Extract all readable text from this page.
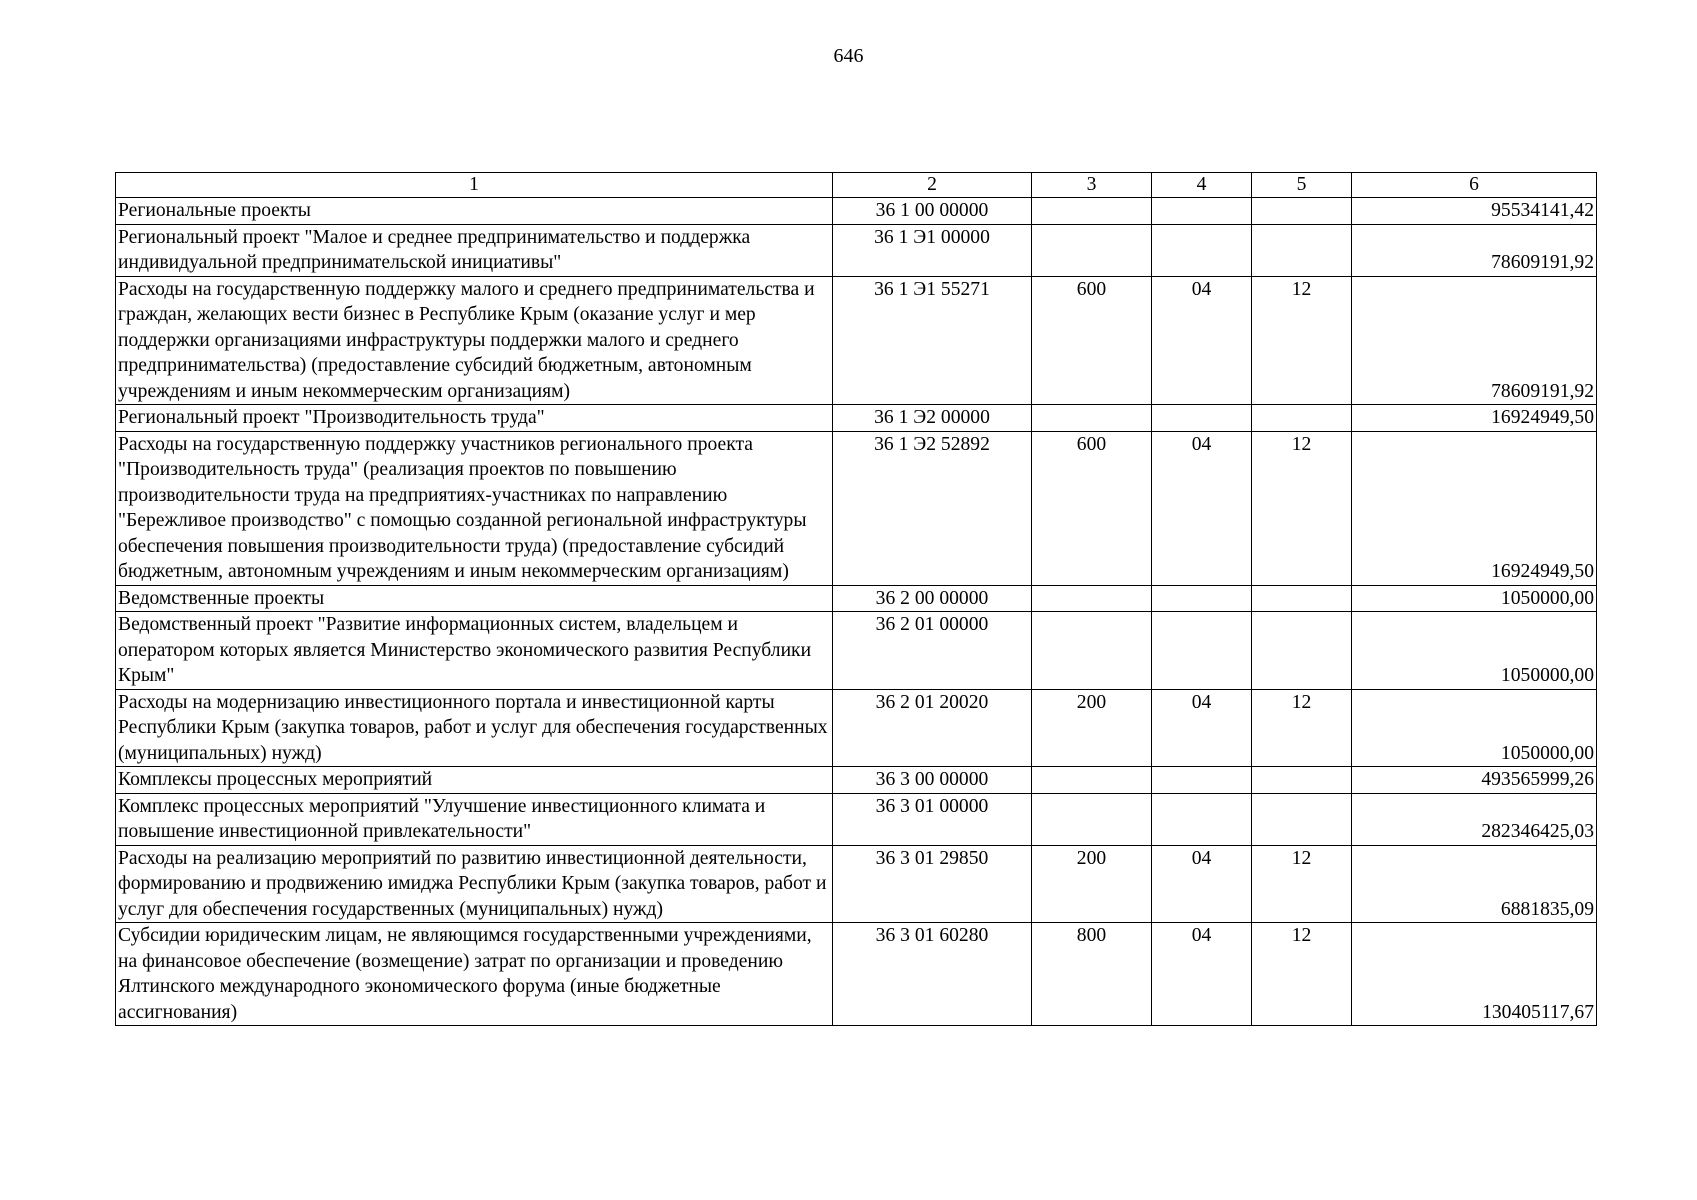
646
1	2	3	4	5	6
Региональные проекты	36 1 00 00000				95534141,42
Региональный проект "Малое и среднее предпринимательство и поддержка индивидуальной предпринимательской инициативы"	36 1 Э1 00000				78609191,92
Расходы на государственную поддержку малого и среднего предпринимательства и граждан, желающих вести бизнес в Республике Крым (оказание услуг и мер поддержки организациями инфраструктуры поддержки малого и среднего предпринимательства) (предоставление субсидий бюджетным, автономным учреждениям и иным некоммерческим организациям)	36 1 Э1 55271	600	04	12	78609191,92
Региональный проект "Производительность труда"	36 1 Э2 00000				16924949,50
Расходы на государственную поддержку участников регионального проекта "Производительность труда" (реализация проектов по повышению производительности труда на предприятиях-участниках по направлению "Бережливое производство" с помощью созданной региональной инфраструктуры обеспечения повышения производительности труда) (предоставление субсидий бюджетным, автономным учреждениям и иным некоммерческим организациям)	36 1 Э2 52892	600	04	12	16924949,50
Ведомственные проекты	36 2 00 00000				1050000,00
Ведомственный проект "Развитие информационных систем, владельцем и оператором которых является Министерство экономического развития Республики Крым"	36 2 01 00000				1050000,00
Расходы на модернизацию инвестиционного портала и инвестиционной карты Республики Крым (закупка товаров, работ и услуг для обеспечения государственных (муниципальных) нужд)	36 2 01 20020	200	04	12	1050000,00
Комплексы процессных мероприятий	36 3 00 00000				493565999,26
Комплекс процессных мероприятий "Улучшение инвестиционного климата и повышение инвестиционной привлекательности"	36 3 01 00000				282346425,03
Расходы на реализацию мероприятий по развитию инвестиционной деятельности, формированию и продвижению имиджа Республики Крым (закупка товаров, работ и услуг для обеспечения государственных (муниципальных) нужд)	36 3 01 29850	200	04	12	6881835,09
Субсидии юридическим лицам, не являющимся государственными учреждениями, на финансовое обеспечение (возмещение) затрат по организации и проведению Ялтинского международного экономического форума (иные бюджетные ассигнования)	36 3 01 60280	800	04	12	130405117,67
